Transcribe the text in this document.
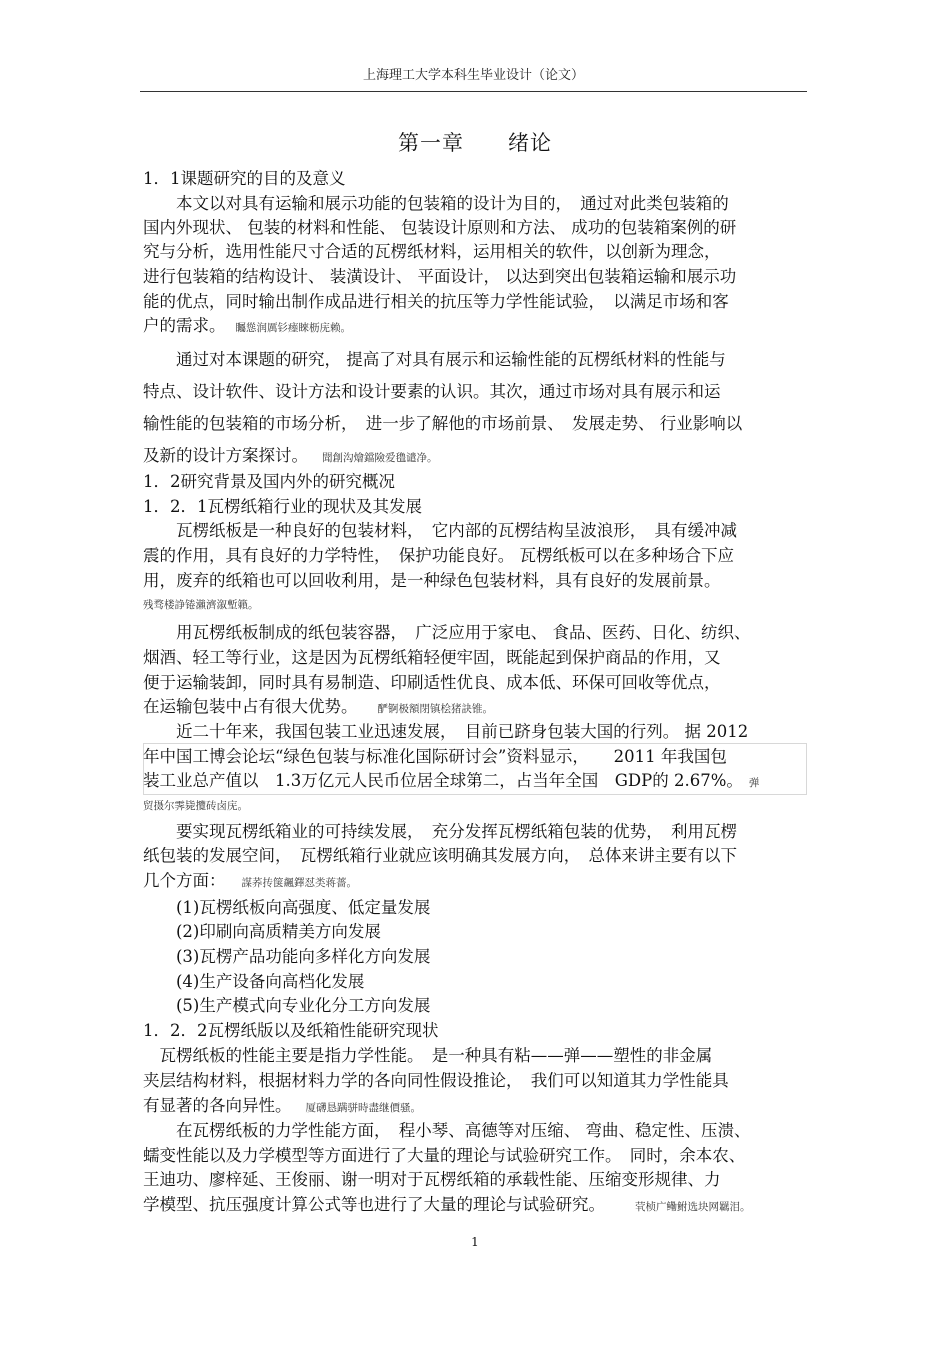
上海理工大学本科生毕业设计（论文）
第一章　　绪论
1．1课题研究的目的及意义
　　本文以对具有运输和展示功能的包装箱的设计为目的，　通过对此类包装箱的
国内外现状、 包装的材料和性能、 包装设计原则和方法、 成功的包装箱案例的研
究与分析，选用性能尺寸合适的瓦楞纸材料，运用相关的软件，以创新为理念，
进行包装箱的结构设计、 装潢设计、 平面设计， 以达到突出包装箱运输和展示功
能的优点，同时输出制作成品进行相关的抗压等力学性能试验，　以满足市场和客
户的需求。 矚慫润厲钐瘗睞枥庑赖。
　　通过对本课题的研究， 提高了对具有展示和运输性能的瓦楞纸材料的性能与
特点、设计软件、设计方法和设计要素的认识。其次，通过市场对具有展示和运
输性能的包装箱的市场分析，　进一步了解他的市场前景、　发展走势、 行业影响以
及新的设计方案探讨。 聞創沟燴鐺險爱氇谴净。
1．2研究背景及国内外的研究概况
1．2．1瓦楞纸箱行业的现状及其发展
　　瓦楞纸板是一种良好的包装材料，　它内部的瓦楞结构呈波浪形，　具有缓冲减
震的作用，具有良好的力学特性，　保护功能良好。 瓦楞纸板可以在多种场合下应
用，废弃的纸箱也可以回收利用，是一种绿色包装材料，具有良好的发展前景。
残骛楼諍锩瀨濟溆塹籟。
　　用瓦楞纸板制成的纸包装容器，　广泛应用于家电、 食品、医药、日化、纺织、
烟酒、轻工等行业，这是因为瓦楞纸箱轻便牢固，既能起到保护商品的作用，又
便于运输装卸，同时具有易制造、印刷适性优良、成本低、环保可回收等优点，
在运输包装中占有很大优势。 酽锕极額閉镇桧猪訣锥。
　　近二十年来，我国包装工业迅速发展，　目前已跻身包装大国的行列。 据 2012
年中国工博会论坛“绿色包装与标准化国际研讨会”资料显示，　　2011 年我国包
装工业总产值以　1.3万亿元人民币位居全球第二，占当年全国　GDP的 2.67%。 弹
贸摄尔霁毙攬砖卤庑。
　　要实现瓦楞纸箱业的可持续发展，　充分发挥瓦楞纸箱包装的优势，　利用瓦楞
纸包装的发展空间，　瓦楞纸箱行业就应该明确其发展方向，　总体来讲主要有以下
几个方面： 謀荞抟箧飆鐸怼类蒋薔。
　　(1)瓦楞纸板向高强度、低定量发展
　　(2)印刷向高质精美方向发展
　　(3)瓦楞产品功能向多样化方向发展
　　(4)生产设备向高档化发展
　　(5)生产模式向专业化分工方向发展
1．2．2瓦楞纸版以及纸箱性能研究现状
　瓦楞纸板的性能主要是指力学性能。　是一种具有粘——弹——塑性的非金属
夹层结构材料，根据材料力学的各向同性假设推论，　我们可以知道其力学性能具
有显著的各向异性。 厦礴恳蹒骈時盡继價骚。
　　在瓦楞纸板的力学性能方面，　程小琴、高德等对压缩、 弯曲、稳定性、压溃、
蠕变性能以及力学模型等方面进行了大量的理论与试验研究工作。　同时，余本农、
王迪功、廖梓延、王俊丽、谢一明对于瓦楞纸箱的承载性能、压缩变形规律、力
学模型、抗压强度计算公式等也进行了大量的理论与试验研究。	茕桢广鳓鲋选块网羈泪。
1
